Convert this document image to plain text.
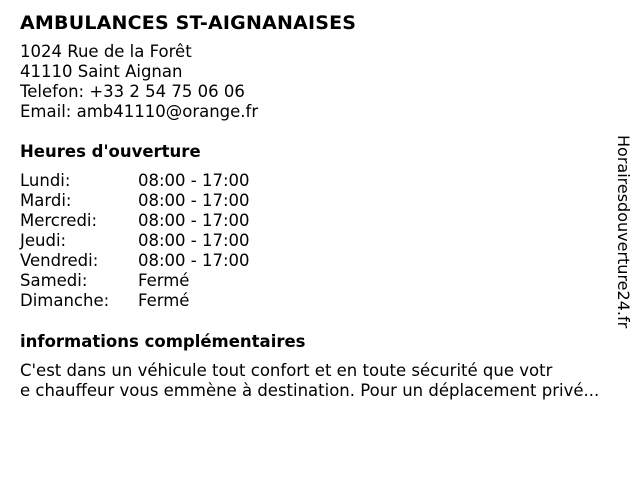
AMBULANCES ST-AIGNANAISES

1024 Rue de la Forêt

41110 Saint Aignan

Telefon: +33 2 54 75 06 06

Email: amb41110@orange.fr

Heures d'ouverture
Lundi:	08:00 - 17:00
Mardi:	08:00 - 17:00
Mercredi:	08:00 - 17:00
Jeudi:	08:00 - 17:00
Vendredi:	08:00 - 17:00
Samedi:	Fermé
Dimanche:	Fermé
informations complémentaires

C'est dans un véhicule tout confort et en toute sécurité que votr

e chauffeur vous emmène à destination. Pour un déplacement privé...

Horairesdouverture24.fr
